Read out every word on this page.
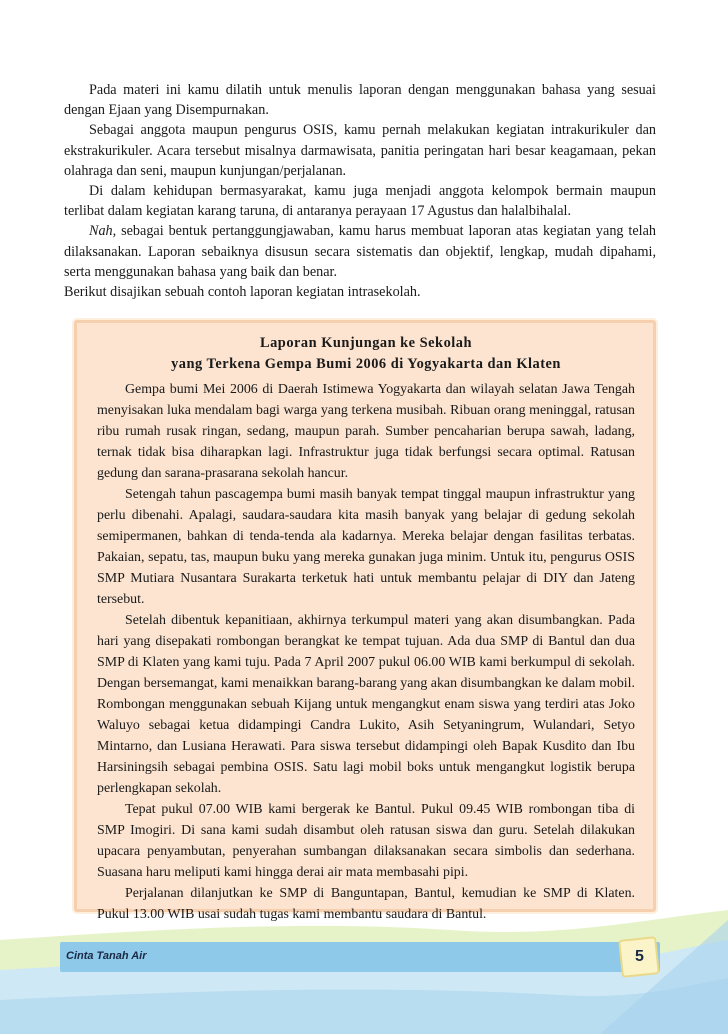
Pada materi ini kamu dilatih untuk menulis laporan dengan menggunakan bahasa yang sesuai dengan Ejaan yang Disempurnakan.

Sebagai anggota maupun pengurus OSIS, kamu pernah melakukan kegiatan intrakurikuler dan ekstrakurikuler. Acara tersebut misalnya darmawisata, panitia peringatan hari besar keagamaan, pekan olahraga dan seni, maupun kunjungan/perjalanan.

Di dalam kehidupan bermasyarakat, kamu juga menjadi anggota kelompok bermain maupun terlibat dalam kegiatan karang taruna, di antaranya perayaan 17 Agustus dan halalbihalal.

Nah, sebagai bentuk pertanggungjawaban, kamu harus membuat laporan atas kegiatan yang telah dilaksanakan. Laporan sebaiknya disusun secara sistematis dan objektif, lengkap, mudah dipahami, serta menggunakan bahasa yang baik dan benar.

Berikut disajikan sebuah contoh laporan kegiatan intrasekolah.

Laporan Kunjungan ke Sekolah
yang Terkena Gempa Bumi 2006 di Yogyakarta dan Klaten

Gempa bumi Mei 2006 di Daerah Istimewa Yogyakarta dan wilayah selatan Jawa Tengah menyisakan luka mendalam bagi warga yang terkena musibah. Ribuan orang meninggal, ratusan ribu rumah rusak ringan, sedang, maupun parah. Sumber pencaharian berupa sawah, ladang, ternak tidak bisa diharapkan lagi. Infrastruktur juga tidak berfungsi secara optimal. Ratusan gedung dan sarana-prasarana sekolah hancur.

Setengah tahun pascagempa bumi masih banyak tempat tinggal maupun infrastruktur yang perlu dibenahi. Apalagi, saudara-saudara kita masih banyak yang belajar di gedung sekolah semipermanen, bahkan di tenda-tenda ala kadarnya. Mereka belajar dengan fasilitas terbatas. Pakaian, sepatu, tas, maupun buku yang mereka gunakan juga minim. Untuk itu, pengurus OSIS SMP Mutiara Nusantara Surakarta terketuk hati untuk membantu pelajar di DIY dan Jateng tersebut.

Setelah dibentuk kepanitiaan, akhirnya terkumpul materi yang akan disumbangkan. Pada hari yang disepakati rombongan berangkat ke tempat tujuan. Ada dua SMP di Bantul dan dua SMP di Klaten yang kami tuju. Pada 7 April 2007 pukul 06.00 WIB kami berkumpul di sekolah. Dengan bersemangat, kami menaikkan barang-barang yang akan disumbangkan ke dalam mobil. Rombongan menggunakan sebuah Kijang untuk mengangkut enam siswa yang terdiri atas Joko Waluyo sebagai ketua didampingi Candra Lukito, Asih Setyaningrum, Wulandari, Setyo Mintarno, dan Lusiana Herawati. Para siswa tersebut didampingi oleh Bapak Kusdito dan Ibu Harsiningsih sebagai pembina OSIS. Satu lagi mobil boks untuk mengangkut logistik berupa perlengkapan sekolah.

Tepat pukul 07.00 WIB kami bergerak ke Bantul. Pukul 09.45 WIB rombongan tiba di SMP Imogiri. Di sana kami sudah disambut oleh ratusan siswa dan guru. Setelah dilakukan upacara penyambutan, penyerahan sumbangan dilaksanakan secara simbolis dan sederhana. Suasana haru meliputi kami hingga derai air mata membasahi pipi.

Perjalanan dilanjutkan ke SMP di Banguntapan, Bantul, kemudian ke SMP di Klaten. Pukul 13.00 WIB usai sudah tugas kami membantu saudara di Bantul.

Cinta Tanah Air	5
